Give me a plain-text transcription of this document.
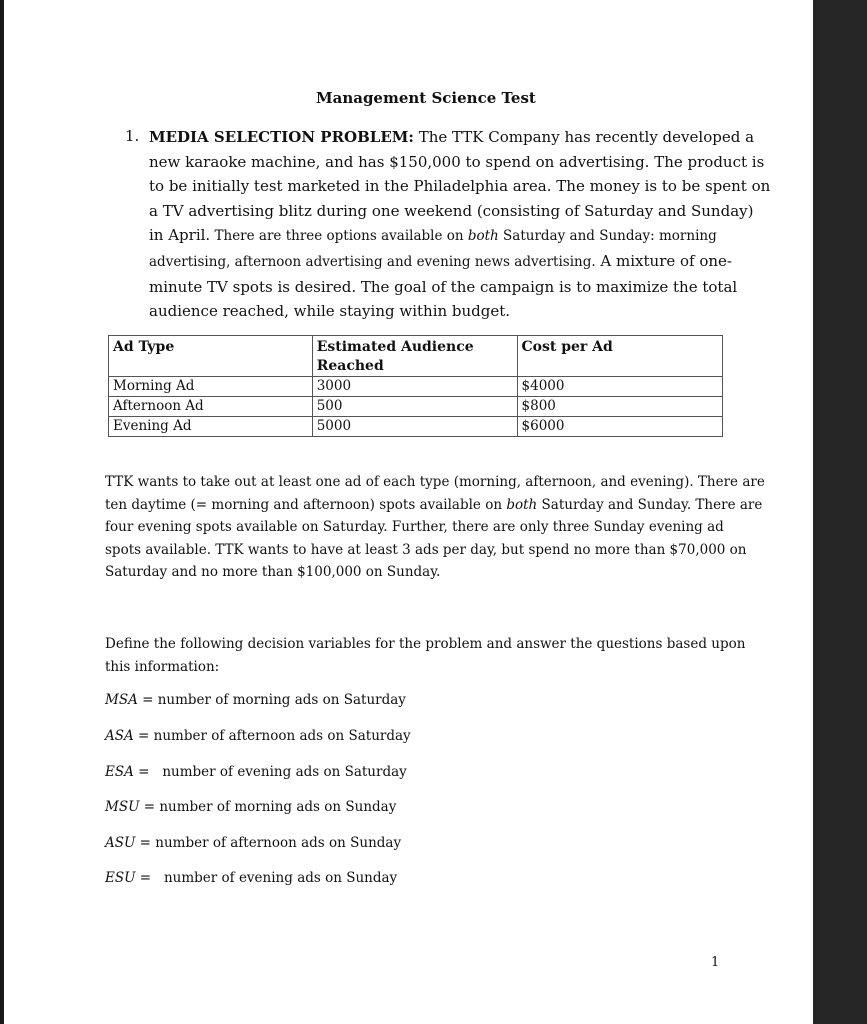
Management Science Test
1. MEDIA SELECTION PROBLEM: The TTK Company has recently developed a
new karaoke machine, and has $150,000 to spend on advertising. The product is
to be initially test marketed in the Philadelphia area. The money is to be spent on
a TV advertising blitz during one weekend (consisting of Saturday and Sunday)
in April. There are three options available on both Saturday and Sunday: morning
advertising, afternoon advertising and evening news advertising. A mixture of one-
minute TV spots is desired. The goal of the campaign is to maximize the total
audience reached, while staying within budget.
Ad Type	Estimated Audience Reached	Cost per Ad
Morning Ad	3000	$4000
Afternoon Ad	500	$800
Evening Ad	5000	$6000
TTK wants to take out at least one ad of each type (morning, afternoon, and evening). There are
ten daytime (= morning and afternoon) spots available on both Saturday and Sunday. There are
four evening spots available on Saturday. Further, there are only three Sunday evening ad
spots available. TTK wants to have at least 3 ads per day, but spend no more than $70,000 on
Saturday and no more than $100,000 on Sunday.
Define the following decision variables for the problem and answer the questions based upon
this information:
MSA = number of morning ads on Saturday
ASA = number of afternoon ads on Saturday
ESA =   number of evening ads on Saturday
MSU = number of morning ads on Sunday
ASU = number of afternoon ads on Sunday
ESU =   number of evening ads on Sunday
1
